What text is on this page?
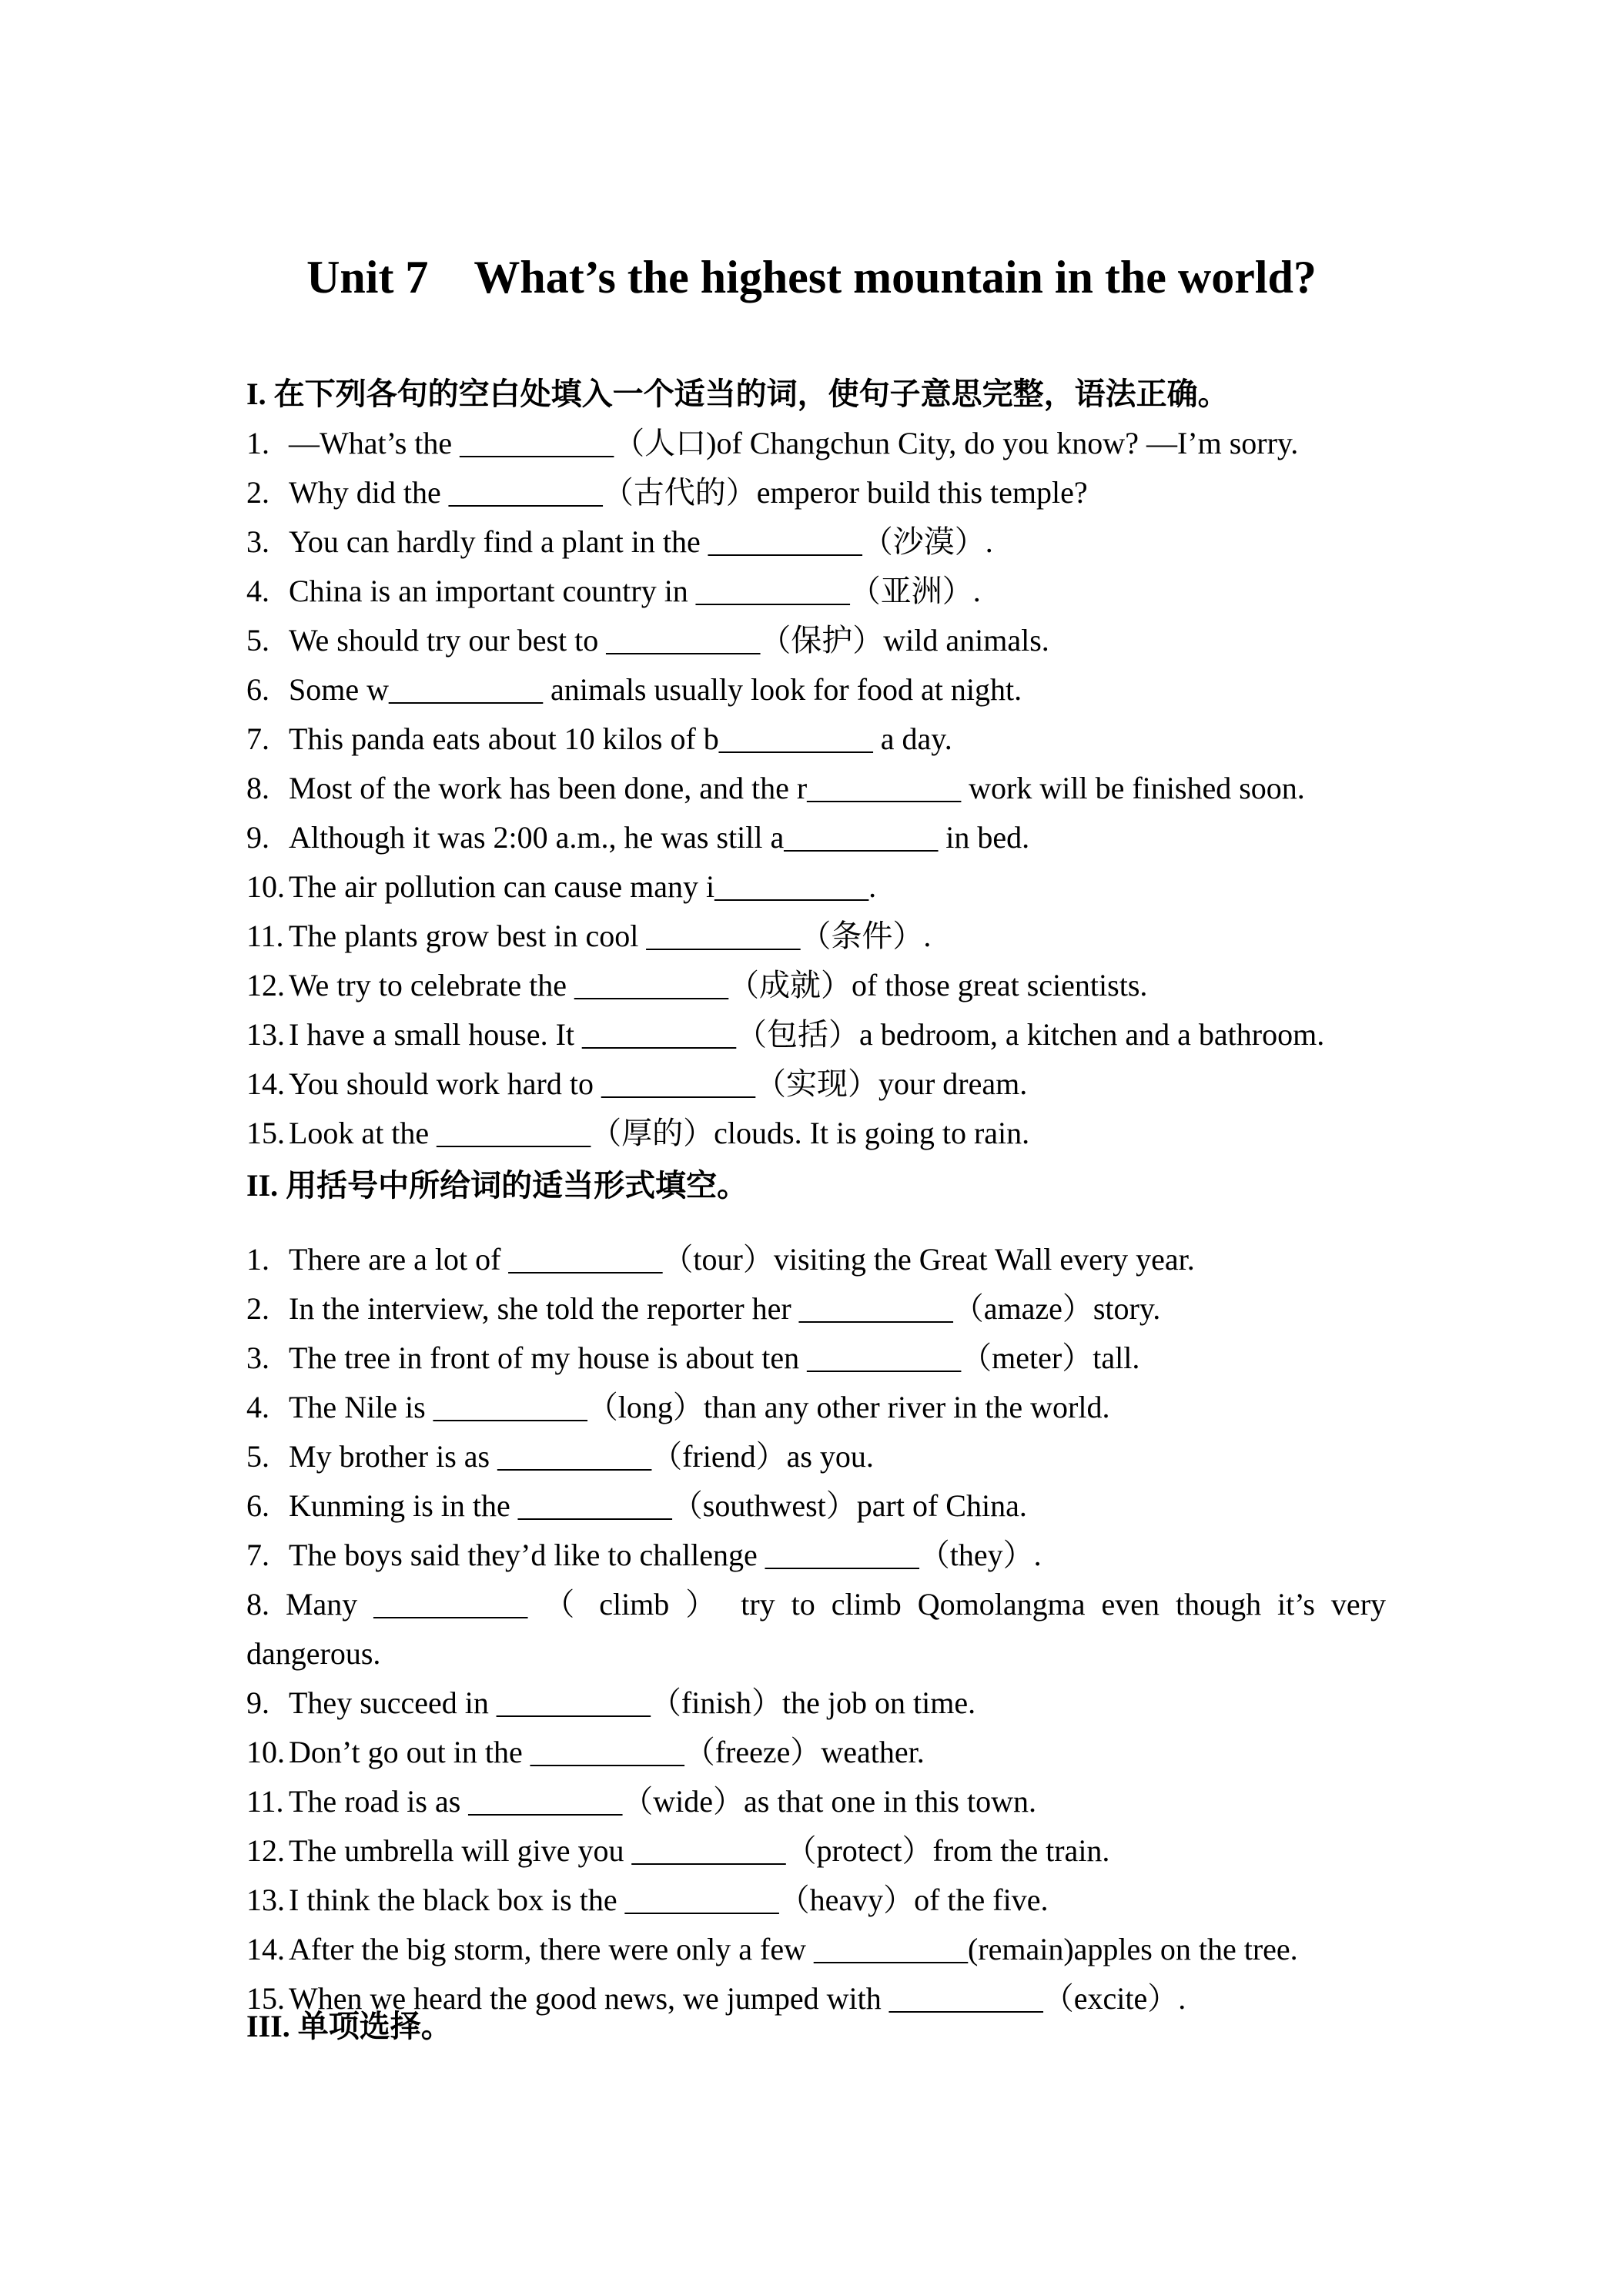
Unit 7    What’s the highest mountain in the world?
I. 在下列各句的空白处填入一个适当的词，使句子意思完整，语法正确。
1. —What’s the __________（人口)of Changchun City, do you know? —I’m sorry.
2. Why did the __________（古代的）emperor build this temple?
3. You can hardly find a plant in the __________（沙漠）.
4. China is an important country in __________（亚洲）.
5. We should try our best to __________（保护）wild animals.
6. Some w__________ animals usually look for food at night.
7. This panda eats about 10 kilos of b__________ a day.
8. Most of the work has been done, and the r__________ work will be finished soon.
9. Although it was 2:00 a.m., he was still a__________ in bed.
10. The air pollution can cause many i__________.
11. The plants grow best in cool __________（条件）.
12. We try to celebrate the __________（成就）of those great scientists.
13. I have a small house. It __________（包括）a bedroom, a kitchen and a bathroom.
14. You should work hard to __________（实现）your dream.
15. Look at the __________（厚的）clouds. It is going to rain.
II. 用括号中所给词的适当形式填空。
1. There are a lot of __________（tour）visiting the Great Wall every year.
2. In the interview, she told the reporter her __________（amaze）story.
3. The tree in front of my house is about ten __________（meter）tall.
4. The Nile is __________（long）than any other river in the world.
5. My brother is as __________（friend）as you.
6. Kunming is in the __________（southwest）part of China.
7. The boys said they’d like to challenge __________（they）.
8. Many __________ （ climb ） try to climb Qomolangma even though it’s very dangerous.
9. They succeed in __________（finish）the job on time.
10. Don’t go out in the __________（freeze）weather.
11. The road is as __________（wide）as that one in this town.
12. The umbrella will give you __________（protect）from the train.
13. I think the black box is the __________（heavy）of the five.
14. After the big storm, there were only a few __________(remain)apples on the tree.
15. When we heard the good news, we jumped with __________（excite）.
III. 单项选择。
